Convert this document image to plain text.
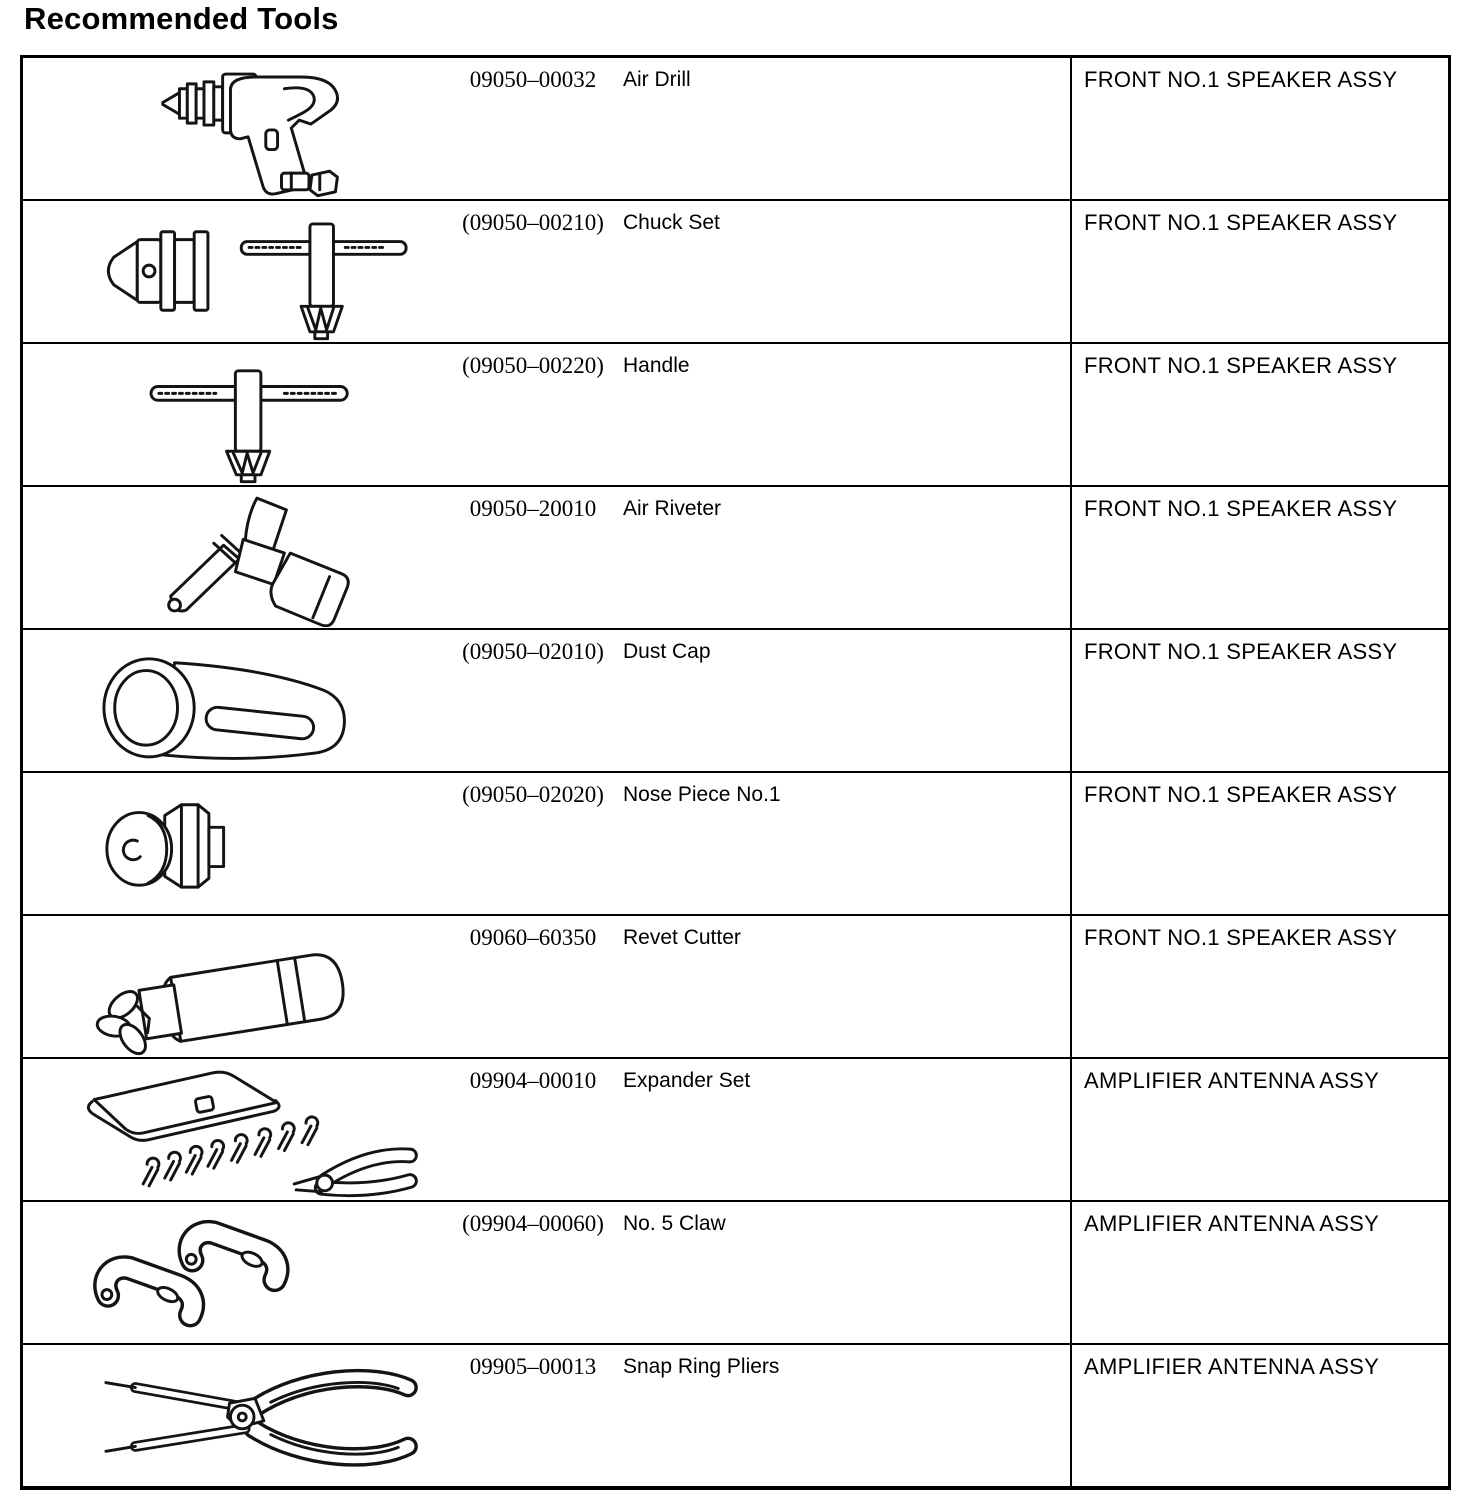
Recommended Tools
09050–00032	Air Drill	FRONT NO.1 SPEAKER ASSY
(09050–00210) Chuck Set	FRONT NO.1 SPEAKER ASSY
(09050–00220) Handle	FRONT NO.1 SPEAKER ASSY
09050–20010	Air Riveter	FRONT NO.1 SPEAKER ASSY
(09050–02010) Dust Cap	FRONT NO.1 SPEAKER ASSY
(09050–02020) Nose Piece No.1	FRONT NO.1 SPEAKER ASSY
09060–60350	Revet Cutter	FRONT NO.1 SPEAKER ASSY
09904–00010	Expander Set	AMPLIFIER ANTENNA ASSY
(09904–00060) No. 5 Claw	AMPLIFIER ANTENNA ASSY
09905–00013	Snap Ring Pliers	AMPLIFIER ANTENNA ASSY
